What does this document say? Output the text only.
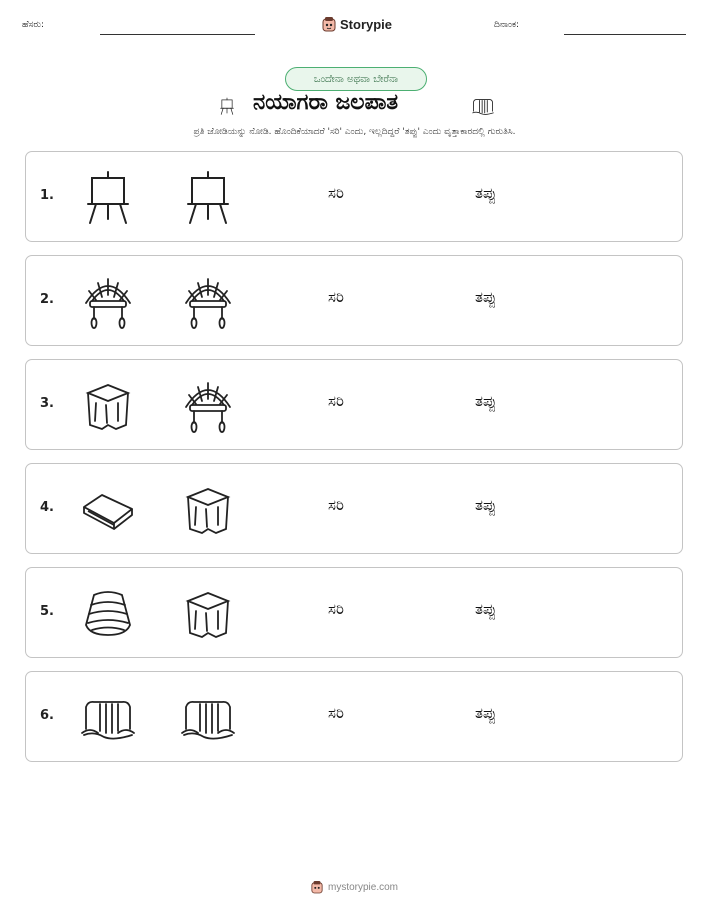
ಹೆಸರು:	Storypie	ದಿನಾಂಕ:
ಒಂದೇನಾ ಅಥವಾ ಬೇರೆನಾ
ನಯಾಗರಾ ಜಲಪಾತ
ಪ್ರತಿ ಜೋಡಿಯನ್ನು ನೋಡಿ. ಹೊಂದಿಕೆಯಾದರೆ 'ಸರಿ' ಎಂದು, ಇಲ್ಲದಿದ್ದರೆ 'ತಪ್ಪು' ಎಂದು ವೃತ್ತಾಕಾರದಲ್ಲಿ ಗುರುತಿಸಿ.
1.	ಸರಿ	ತಪ್ಪು
2.	ಸರಿ	ತಪ್ಪು
3.	ಸರಿ	ತಪ್ಪು
4.	ಸರಿ	ತಪ್ಪು
5.	ಸರಿ	ತಪ್ಪು
6.	ಸರಿ	ತಪ್ಪು
mystorypie.com
